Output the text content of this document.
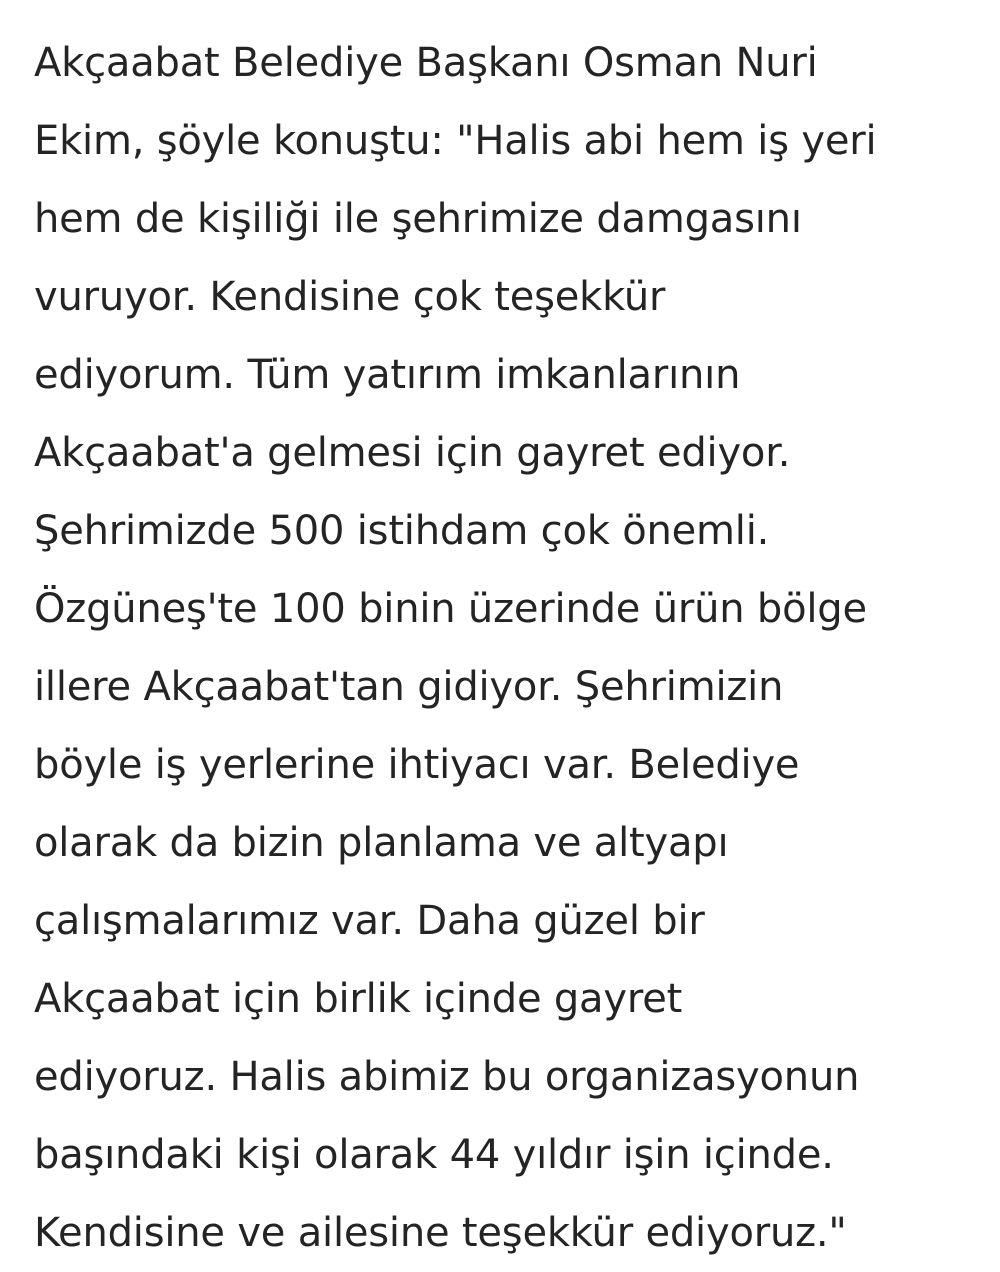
Akçaabat Belediye Başkanı Osman Nuri
Ekim, şöyle konuştu: "Halis abi hem iş yeri
hem de kişiliği ile şehrimize damgasını
vuruyor. Kendisine çok teşekkür
ediyorum. Tüm yatırım imkanlarının
Akçaabat'a gelmesi için gayret ediyor.
Şehrimizde 500 istihdam çok önemli.
Özgüneş'te 100 binin üzerinde ürün bölge
illere Akçaabat'tan gidiyor. Şehrimizin
böyle iş yerlerine ihtiyacı var. Belediye
olarak da bizin planlama ve altyapı
çalışmalarımız var. Daha güzel bir
Akçaabat için birlik içinde gayret
ediyoruz. Halis abimiz bu organizasyonun
başındaki kişi olarak 44 yıldır işin içinde.
Kendisine ve ailesine teşekkür ediyoruz."
